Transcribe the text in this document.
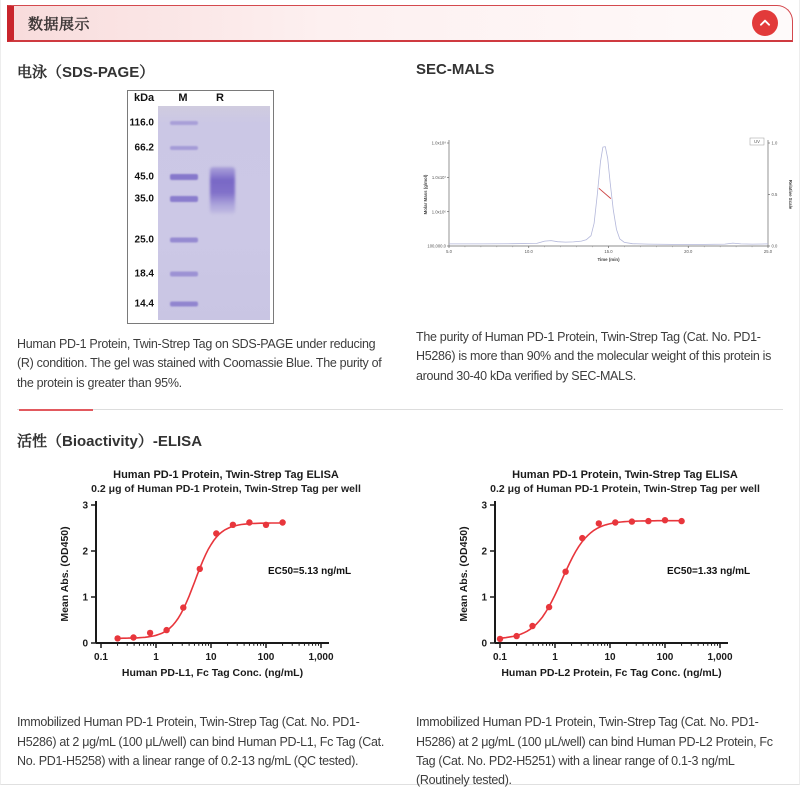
数据展示
电泳（SDS-PAGE）
kDa M	R
116.0
66.2
45.0
35.0
25.0
18.4
14.4

Human PD-1 Protein, Twin-Strep Tag on SDS-PAGE under reducing (R) condition. The gel was stained with Coomassie Blue. The purity of the protein is greater than 95%.

SEC-MALS
1.0x10⁸
1.0x10⁷
1.0x10⁶
100,000.0
1.0
0.5
0.0
5.0	10.0	15.0	20.0	25.0
Time (min)
Molar Mass (g/mol)	Relative Scale
UV

The purity of Human PD-1 Protein, Twin-Strep Tag (Cat. No. PD1-H5286) is more than 90% and the molecular weight of this protein is around 30-40 kDa verified by SEC-MALS.

活性（Bioactivity）-ELISA
Human PD-1 Protein, Twin-Strep Tag ELISA
0.2 μg of Human PD-1 Protein, Twin-Strep Tag per well
0
1
2
3
0.1	1	10	100	1,000
Human PD-L1, Fc Tag Conc. (ng/mL)
Mean Abs. (OD450)	EC50=5.13 ng/mL
Human PD-1 Protein, Twin-Strep Tag ELISA
0.2 μg of Human PD-1 Protein, Twin-Strep Tag per well
0
1
2
3
0.1	1	10	100	1,000
Human PD-L2 Protein, Fc Tag Conc. (ng/mL)
Mean Abs. (OD450)	EC50=1.33 ng/mL

Immobilized Human PD-1 Protein, Twin-Strep Tag (Cat. No. PD1-H5286) at 2 μg/mL (100 μL/well) can bind Human PD-L1, Fc Tag (Cat. No. PD1-H5258) with a linear range of 0.2-13 ng/mL (QC tested).

Immobilized Human PD-1 Protein, Twin-Strep Tag (Cat. No. PD1-H5286) at 2 μg/mL (100 μL/well) can bind Human PD-L2 Protein, Fc Tag (Cat. No. PD2-H5251) with a linear range of 0.1-3 ng/mL (Routinely tested).
